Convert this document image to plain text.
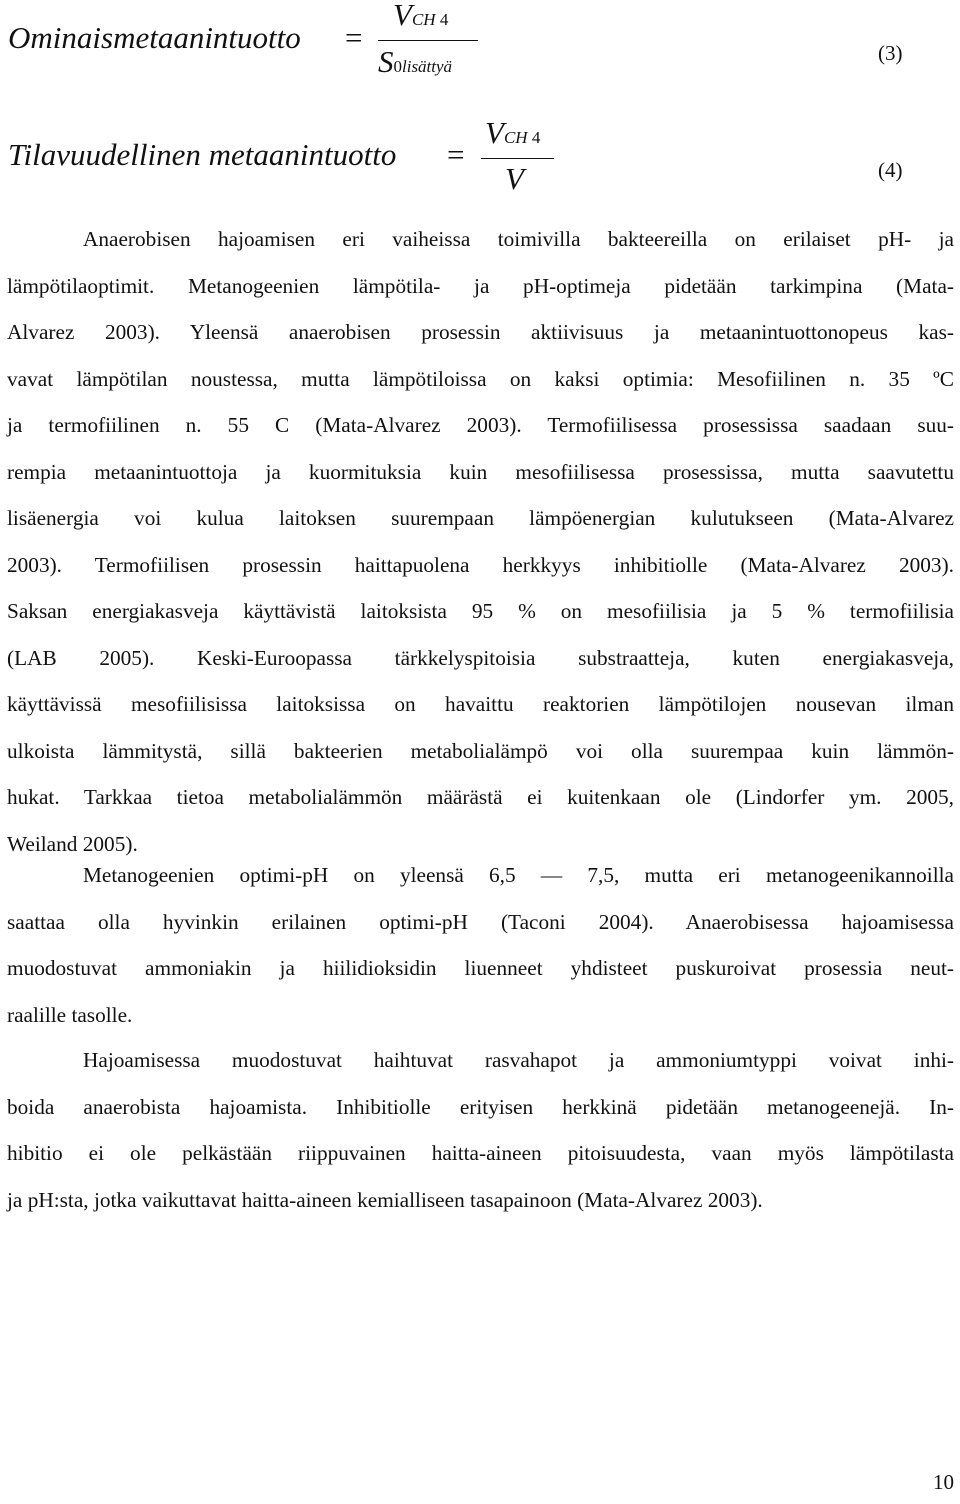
Ominaismetaanintuotto =
VCH 4
S0lisättyä
(3)
Tilavuudellinen metaanintuotto =
VCH 4
V	(4)
Anaerobisen hajoamisen eri vaiheissa toimivilla bakteereilla on erilaiset pH- ja
lämpötilaoptimit. Metanogeenien lämpötila- ja pH-optimeja pidetään tarkimpina (Mata-
Alvarez 2003). Yleensä anaerobisen prosessin aktiivisuus ja metaanintuottonopeus kas-
vavat lämpötilan noustessa, mutta lämpötiloissa on kaksi optimia: Mesofiilinen n. 35 ºC
ja termofiilinen n. 55 C (Mata-Alvarez 2003). Termofiilisessa prosessissa saadaan suu-
rempia metaanintuottoja ja kuormituksia kuin mesofiilisessa prosessissa, mutta saavutettu
lisäenergia voi kulua laitoksen suurempaan lämpöenergian kulutukseen (Mata-Alvarez
2003). Termofiilisen prosessin haittapuolena herkkyys inhibitiolle (Mata-Alvarez 2003).
Saksan energiakasveja käyttävistä laitoksista 95 % on mesofiilisia ja 5 % termofiilisia
(LAB 2005). Keski-Euroopassa tärkkelyspitoisia substraatteja, kuten energiakasveja,
käyttävissä mesofiilisissa laitoksissa on havaittu reaktorien lämpötilojen nousevan ilman
ulkoista lämmitystä, sillä bakteerien metabolialämpö voi olla suurempaa kuin lämmön-
hukat. Tarkkaa tietoa metabolialämmön määrästä ei kuitenkaan ole (Lindorfer ym. 2005,
Weiland 2005).
Metanogeenien optimi-pH on yleensä 6,5 — 7,5, mutta eri metanogeenikannoilla
saattaa olla hyvinkin erilainen optimi-pH (Taconi 2004). Anaerobisessa hajoamisessa
muodostuvat ammoniakin ja hiilidioksidin liuenneet yhdisteet puskuroivat prosessia neut-
raalille tasolle.
Hajoamisessa muodostuvat haihtuvat rasvahapot ja ammoniumtyppi voivat inhi-
boida anaerobista hajoamista. Inhibitiolle erityisen herkkinä pidetään metanogeenejä. In-
hibitio ei ole pelkästään riippuvainen haitta-aineen pitoisuudesta, vaan myös lämpötilasta
ja pH:sta, jotka vaikuttavat haitta-aineen kemialliseen tasapainoon (Mata-Alvarez 2003).
10
